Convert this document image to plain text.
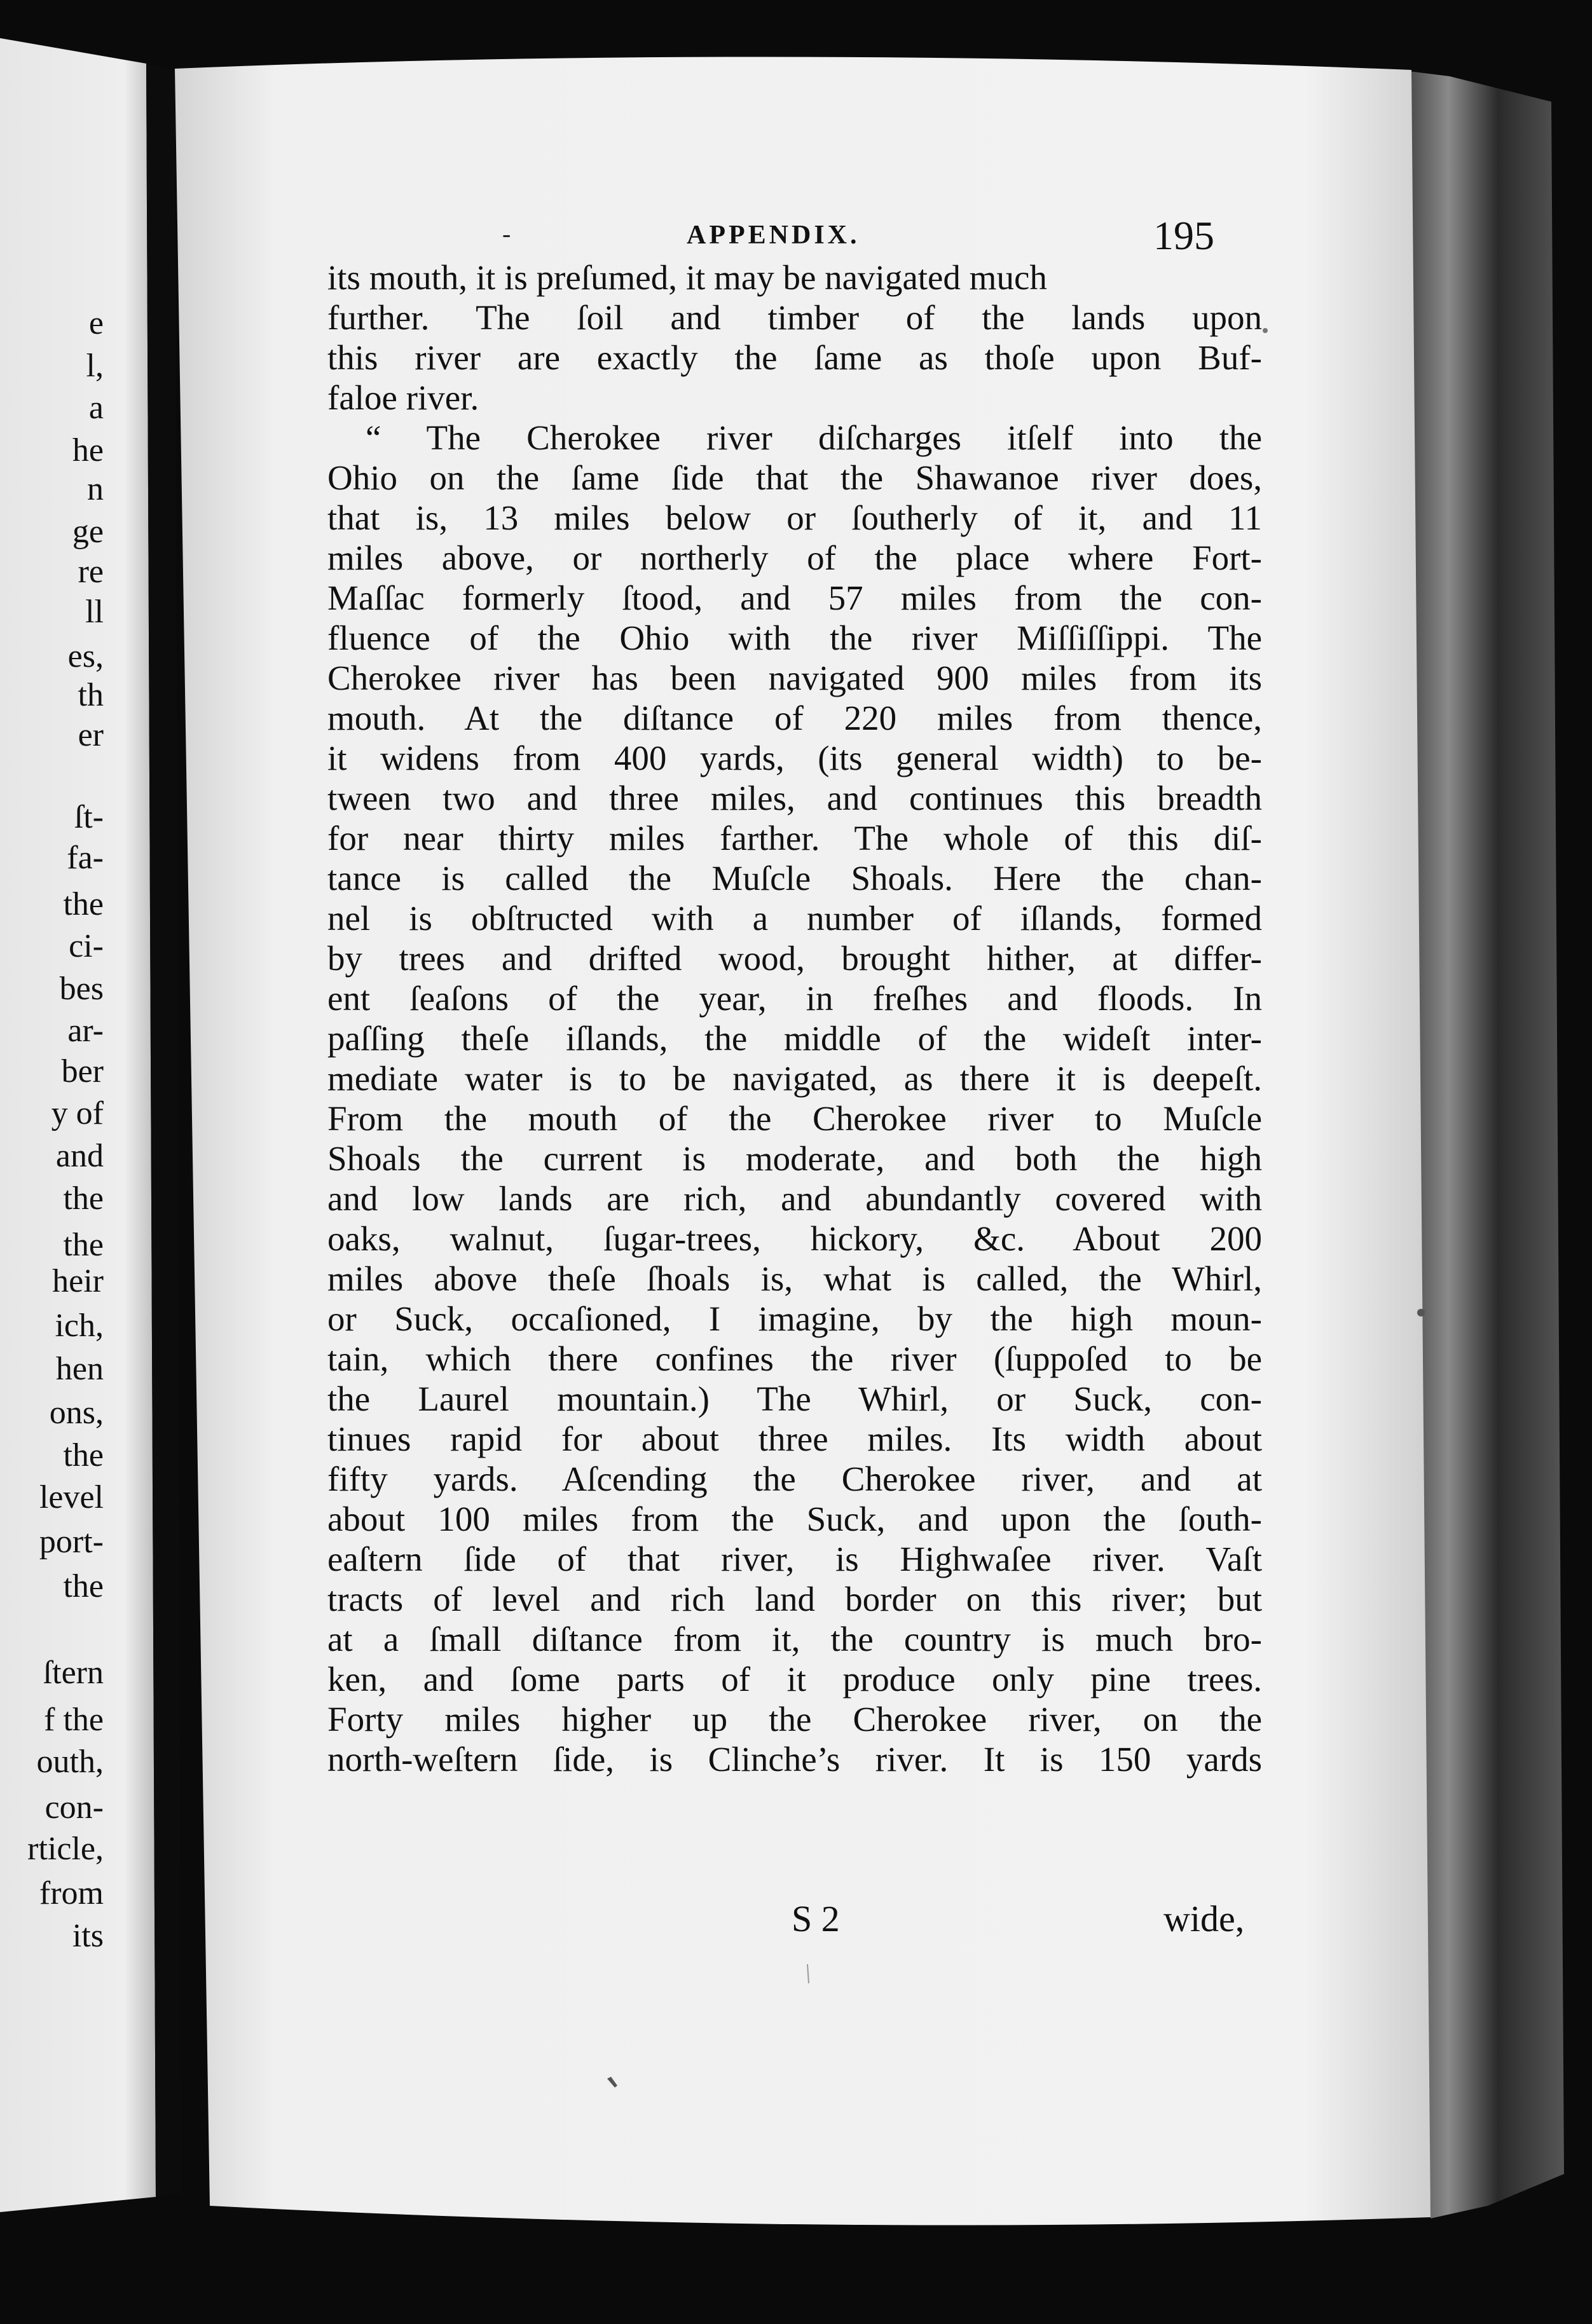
e
l,
a
he
n
ge
re
ll
es,
th
er
ſt-
fa-
the
ci-
bes
ar-
ber
y of
and
the
the
heir
ich,
hen
ons,
the
level
port-
the
ſtern
f the
outh,
con-
rticle,
from
its
-	APPENDIX.	195
its mouth, it is preſumed, it may be navigated much
further. The ſoil and timber of the lands upon
this river are exactly the ſame as thoſe upon Buf-
faloe river.
“ The Cherokee river diſcharges itſelf into the
Ohio on the ſame ſide that the Shawanoe river does,
that is, 13 miles below or ſoutherly of it, and 11
miles above, or northerly of the place where Fort-
Maſſac formerly ſtood, and 57 miles from the con-
fluence of the Ohio with the river Miſſiſſippi. The
Cherokee river has been navigated 900 miles from its
mouth. At the diſtance of 220 miles from thence,
it widens from 400 yards, (its general width) to be-
tween two and three miles, and continues this breadth
for near thirty miles farther. The whole of this diſ-
tance is called the Muſcle Shoals. Here the chan-
nel is obſtructed with a number of iſlands, formed
by trees and drifted wood, brought hither, at differ-
ent ſeaſons of the year, in freſhes and floods. In
paſſing theſe iſlands, the middle of the wideſt inter-
mediate water is to be navigated, as there it is deepeſt.
From the mouth of the Cherokee river to Muſcle
Shoals the current is moderate, and both the high
and low lands are rich, and abundantly covered with
oaks, walnut, ſugar-trees, hickory, &c. About 200
miles above theſe ſhoals is, what is called, the Whirl,
or Suck, occaſioned, I imagine, by the high moun-
tain, which there confines the river (ſuppoſed to be
the Laurel mountain.) The Whirl, or Suck, con-
tinues rapid for about three miles. Its width about
fifty yards. Aſcending the Cherokee river, and at
about 100 miles from the Suck, and upon the ſouth-
eaſtern ſide of that river, is Highwaſee river. Vaſt
tracts of level and rich land border on this river; but
at a ſmall diſtance from it, the country is much bro-
ken, and ſome parts of it produce only pine trees.
Forty miles higher up the Cherokee river, on the
north-weſtern ſide, is Clinche’s river. It is 150 yards
S 2	wide,
